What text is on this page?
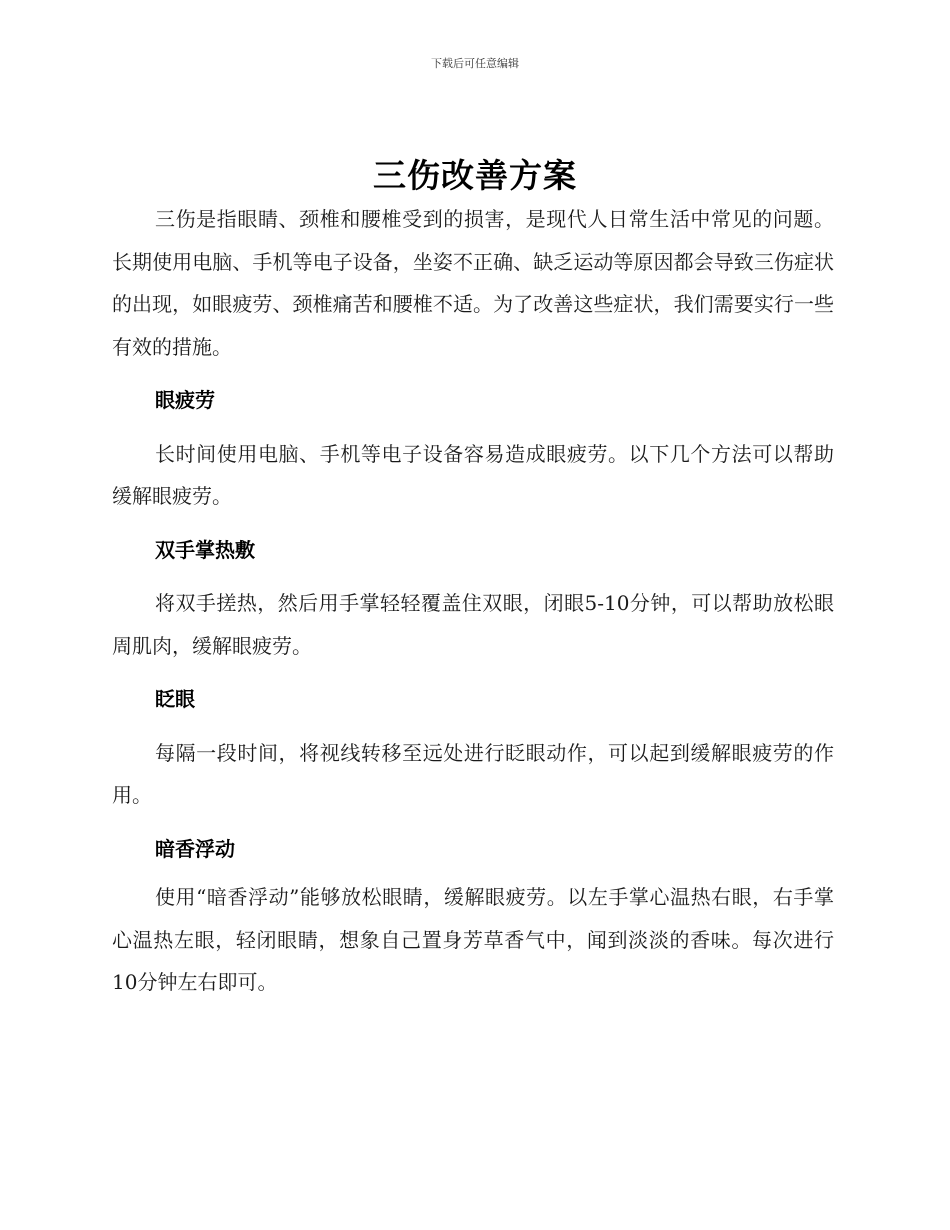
下载后可任意编辑
三伤改善方案

三伤是指眼睛、颈椎和腰椎受到的损害，是现代人日常生活中常见的问题。长期使用电脑、手机等电子设备，坐姿不正确、缺乏运动等原因都会导致三伤症状的出现，如眼疲劳、颈椎痛苦和腰椎不适。为了改善这些症状，我们需要实行一些有效的措施。

眼疲劳

长时间使用电脑、手机等电子设备容易造成眼疲劳。以下几个方法可以帮助缓解眼疲劳。

双手掌热敷

将双手搓热，然后用手掌轻轻覆盖住双眼，闭眼5-10分钟，可以帮助放松眼周肌肉，缓解眼疲劳。

眨眼

每隔一段时间，将视线转移至远处进行眨眼动作，可以起到缓解眼疲劳的作用。

暗香浮动

使用“暗香浮动”能够放松眼睛，缓解眼疲劳。以左手掌心温热右眼，右手掌心温热左眼，轻闭眼睛，想象自己置身芳草香气中，闻到淡淡的香味。每次进行10分钟左右即可。
